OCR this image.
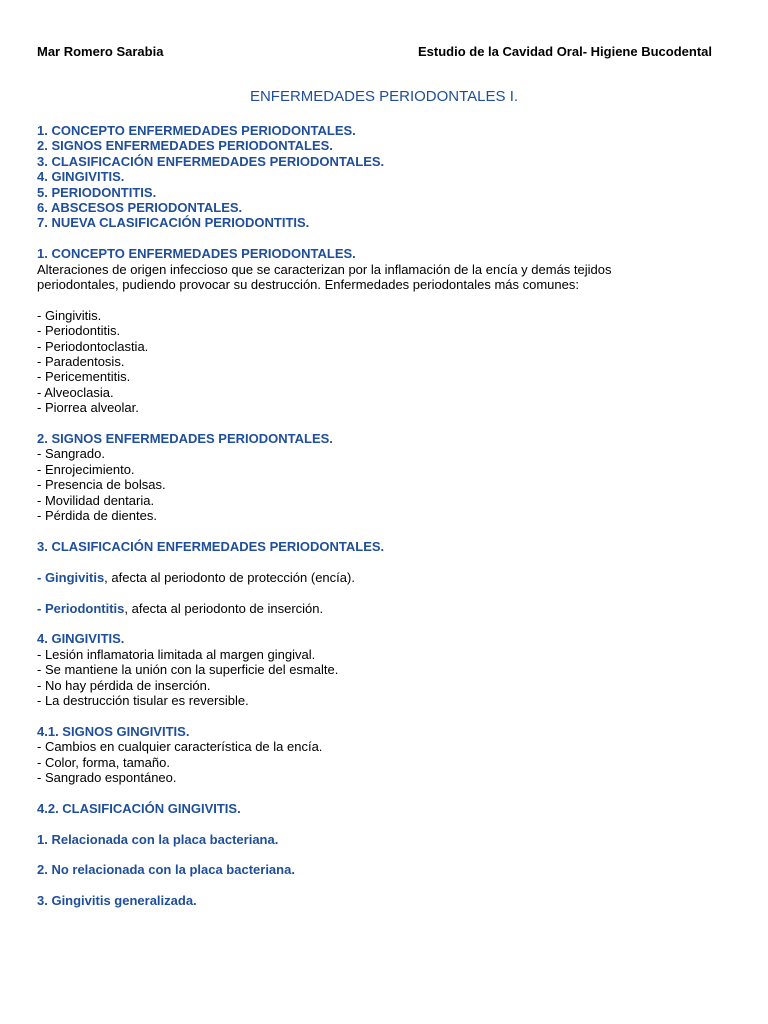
Mar Romero Sarabia	Estudio de la Cavidad Oral- Higiene Bucodental
ENFERMEDADES PERIODONTALES I.
1. CONCEPTO ENFERMEDADES PERIODONTALES.
2. SIGNOS ENFERMEDADES PERIODONTALES.
3. CLASIFICACIÓN ENFERMEDADES PERIODONTALES.
4. GINGIVITIS.
5. PERIODONTITIS.
6. ABSCESOS PERIODONTALES.
7. NUEVA CLASIFICACIÓN PERIODONTITIS.
1. CONCEPTO ENFERMEDADES PERIODONTALES.
Alteraciones de origen infeccioso que se caracterizan por la inflamación de la encía y demás tejidos
periodontales, pudiendo provocar su destrucción. Enfermedades periodontales más comunes:
- Gingivitis.
- Periodontitis.
- Periodontoclastia.
- Paradentosis.
- Pericementitis.
- Alveoclasia.
- Piorrea alveolar.
2. SIGNOS ENFERMEDADES PERIODONTALES.
- Sangrado.
- Enrojecimiento.
- Presencia de bolsas.
- Movilidad dentaria.
- Pérdida de dientes.
3. CLASIFICACIÓN ENFERMEDADES PERIODONTALES.
- Gingivitis, afecta al periodonto de protección (encía).
- Periodontitis, afecta al periodonto de inserción.
4. GINGIVITIS.
- Lesión inflamatoria limitada al margen gingival.
- Se mantiene la unión con la superficie del esmalte.
- No hay pérdida de inserción.
- La destrucción tisular es reversible.
4.1. SIGNOS GINGIVITIS.
- Cambios en cualquier característica de la encía.
- Color, forma, tamaño.
- Sangrado espontáneo.
4.2. CLASIFICACIÓN GINGIVITIS.
1. Relacionada con la placa bacteriana.
2. No relacionada con la placa bacteriana.
3. Gingivitis generalizada.
